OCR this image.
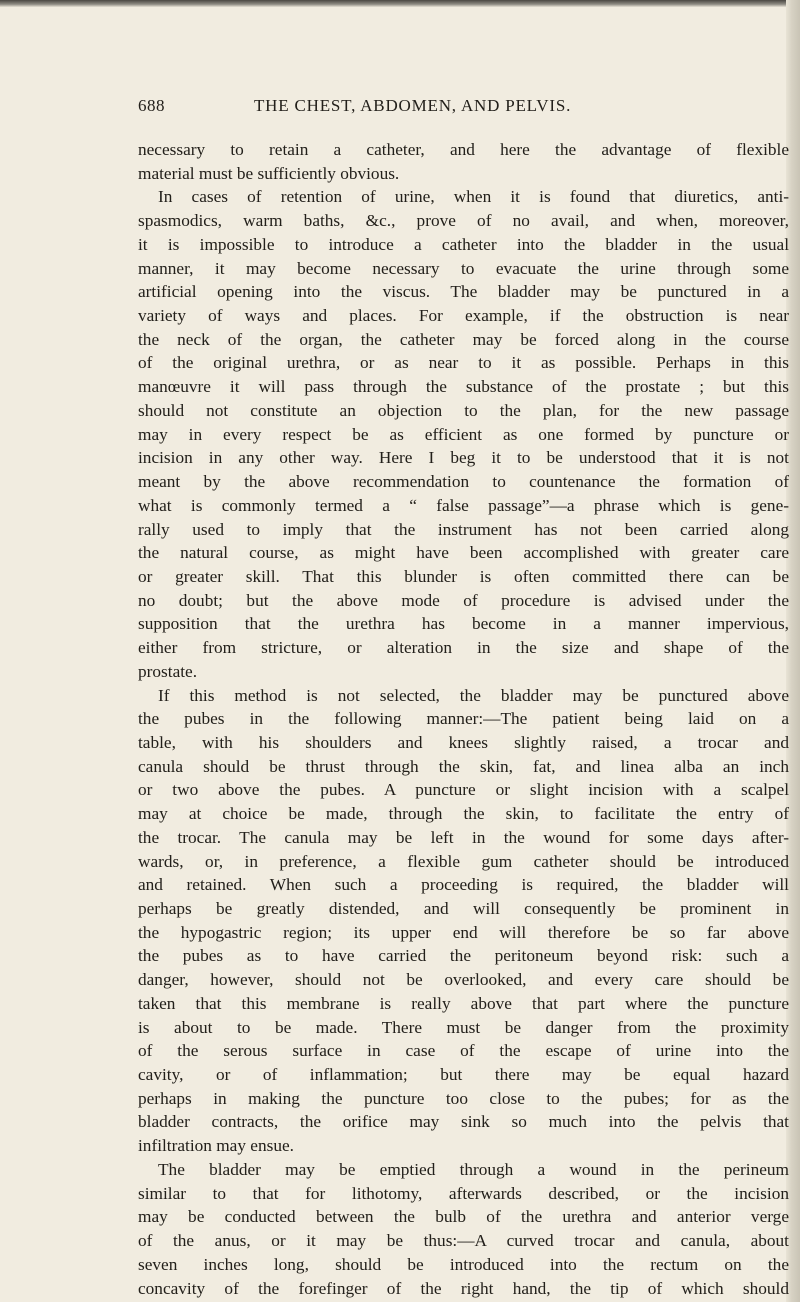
688	THE CHEST, ABDOMEN, AND PELVIS.
necessary to retain a catheter, and here the advantage of flexible
material must be sufficiently obvious.
In cases of retention of urine, when it is found that diuretics, anti-
spasmodics, warm baths, &c., prove of no avail, and when, moreover,
it is impossible to introduce a catheter into the bladder in the usual
manner, it may become necessary to evacuate the urine through some
artificial opening into the viscus. The bladder may be punctured in a
variety of ways and places. For example, if the obstruction is near
the neck of the organ, the catheter may be forced along in the course
of the original urethra, or as near to it as possible. Perhaps in this
manœuvre it will pass through the substance of the prostate ; but this
should not constitute an objection to the plan, for the new passage
may in every respect be as efficient as one formed by puncture or
incision in any other way. Here I beg it to be understood that it is not
meant by the above recommendation to countenance the formation of
what is commonly termed a “ false passage”—a phrase which is gene-
rally used to imply that the instrument has not been carried along
the natural course, as might have been accomplished with greater care
or greater skill. That this blunder is often committed there can be
no doubt; but the above mode of procedure is advised under the
supposition that the urethra has become in a manner impervious,
either from stricture, or alteration in the size and shape of the
prostate.
If this method is not selected, the bladder may be punctured above
the pubes in the following manner:—The patient being laid on a
table, with his shoulders and knees slightly raised, a trocar and
canula should be thrust through the skin, fat, and linea alba an inch
or two above the pubes. A puncture or slight incision with a scalpel
may at choice be made, through the skin, to facilitate the entry of
the trocar. The canula may be left in the wound for some days after-
wards, or, in preference, a flexible gum catheter should be introduced
and retained. When such a proceeding is required, the bladder will
perhaps be greatly distended, and will consequently be prominent in
the hypogastric region; its upper end will therefore be so far above
the pubes as to have carried the peritoneum beyond risk: such a
danger, however, should not be overlooked, and every care should be
taken that this membrane is really above that part where the puncture
is about to be made. There must be danger from the proximity
of the serous surface in case of the escape of urine into the
cavity, or of inflammation; but there may be equal hazard
perhaps in making the puncture too close to the pubes; for as the
bladder contracts, the orifice may sink so much into the pelvis that
infiltration may ensue.
The bladder may be emptied through a wound in the perineum
similar to that for lithotomy, afterwards described, or the incision
may be conducted between the bulb of the urethra and anterior verge
of the anus, or it may be thus:—A curved trocar and canula, about
seven inches long, should be introduced into the rectum on the
concavity of the forefinger of the right hand, the tip of which should
